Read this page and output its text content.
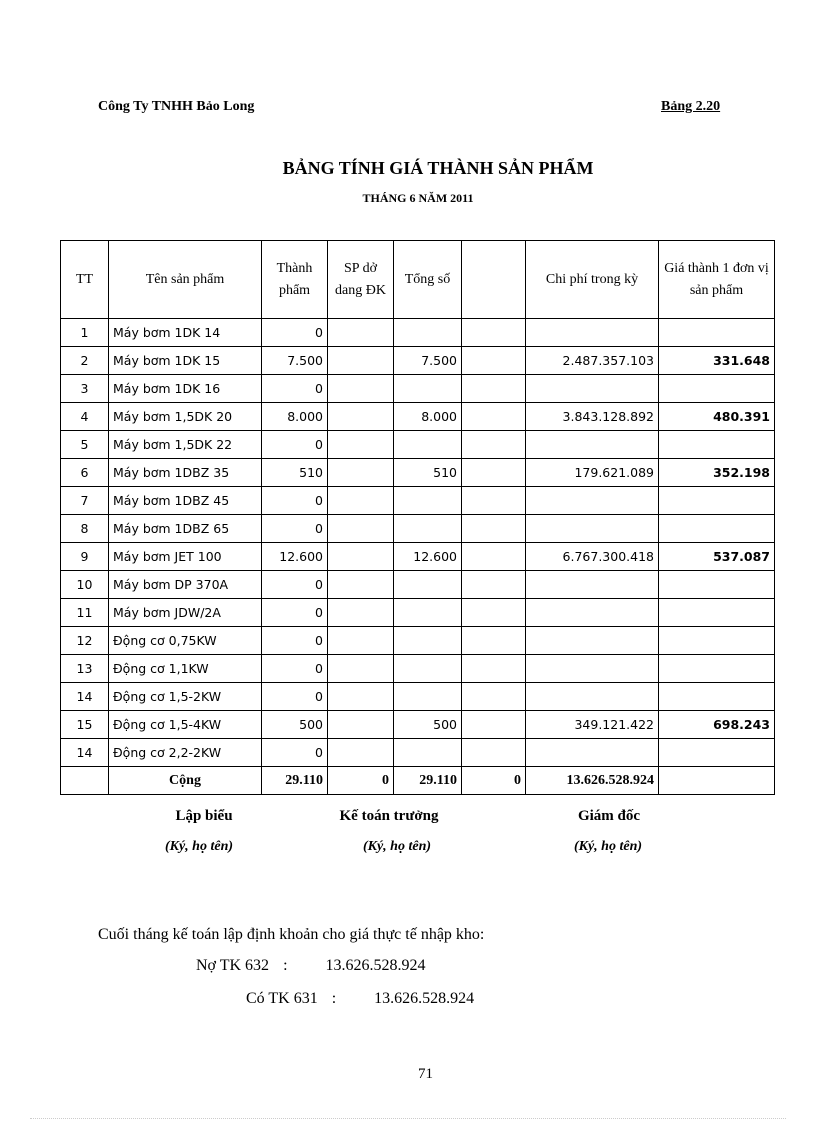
Công Ty TNHH Bảo Long	Bảng 2.20
BẢNG TÍNH GIÁ THÀNH SẢN PHẨM
THÁNG 6 NĂM 2011
TT	Tên sản phẩm	Thành phẩm	SP dở dang ĐK	Tổng số		Chi phí trong kỳ	Giá thành 1 đơn vị sản phẩm
1	Máy bơm 1DK 14	0					
2	Máy bơm 1DK 15	7.500		7.500		2.487.357.103	331.648
3	Máy bơm 1DK 16	0					
4	Máy bơm 1,5DK 20	8.000		8.000		3.843.128.892	480.391
5	Máy bơm 1,5DK 22	0					
6	Máy bơm 1DBZ 35	510		510		179.621.089	352.198
7	Máy bơm 1DBZ 45	0					
8	Máy bơm 1DBZ 65	0					
9	Máy bơm JET 100	12.600		12.600		6.767.300.418	537.087
10	Máy bơm DP 370A	0					
11	Máy bơm JDW/2A	0					
12	Động cơ 0,75KW	0					
13	Động cơ 1,1KW	0					
14	Động cơ 1,5-2KW	0					
15	Động cơ 1,5-4KW	500		500		349.121.422	698.243
14	Động cơ 2,2-2KW	0					
	Cộng	29.110	0	29.110	0	13.626.528.924	
Lập biểu	Kế toán trưởng	Giám đốc
(Ký, họ tên)	(Ký, họ tên)	(Ký, họ tên)
Cuối tháng kế toán lập định khoản cho giá thực tế nhập kho:
Nợ TK 632 : 13.626.528.924
Có TK 631 : 13.626.528.924
71
